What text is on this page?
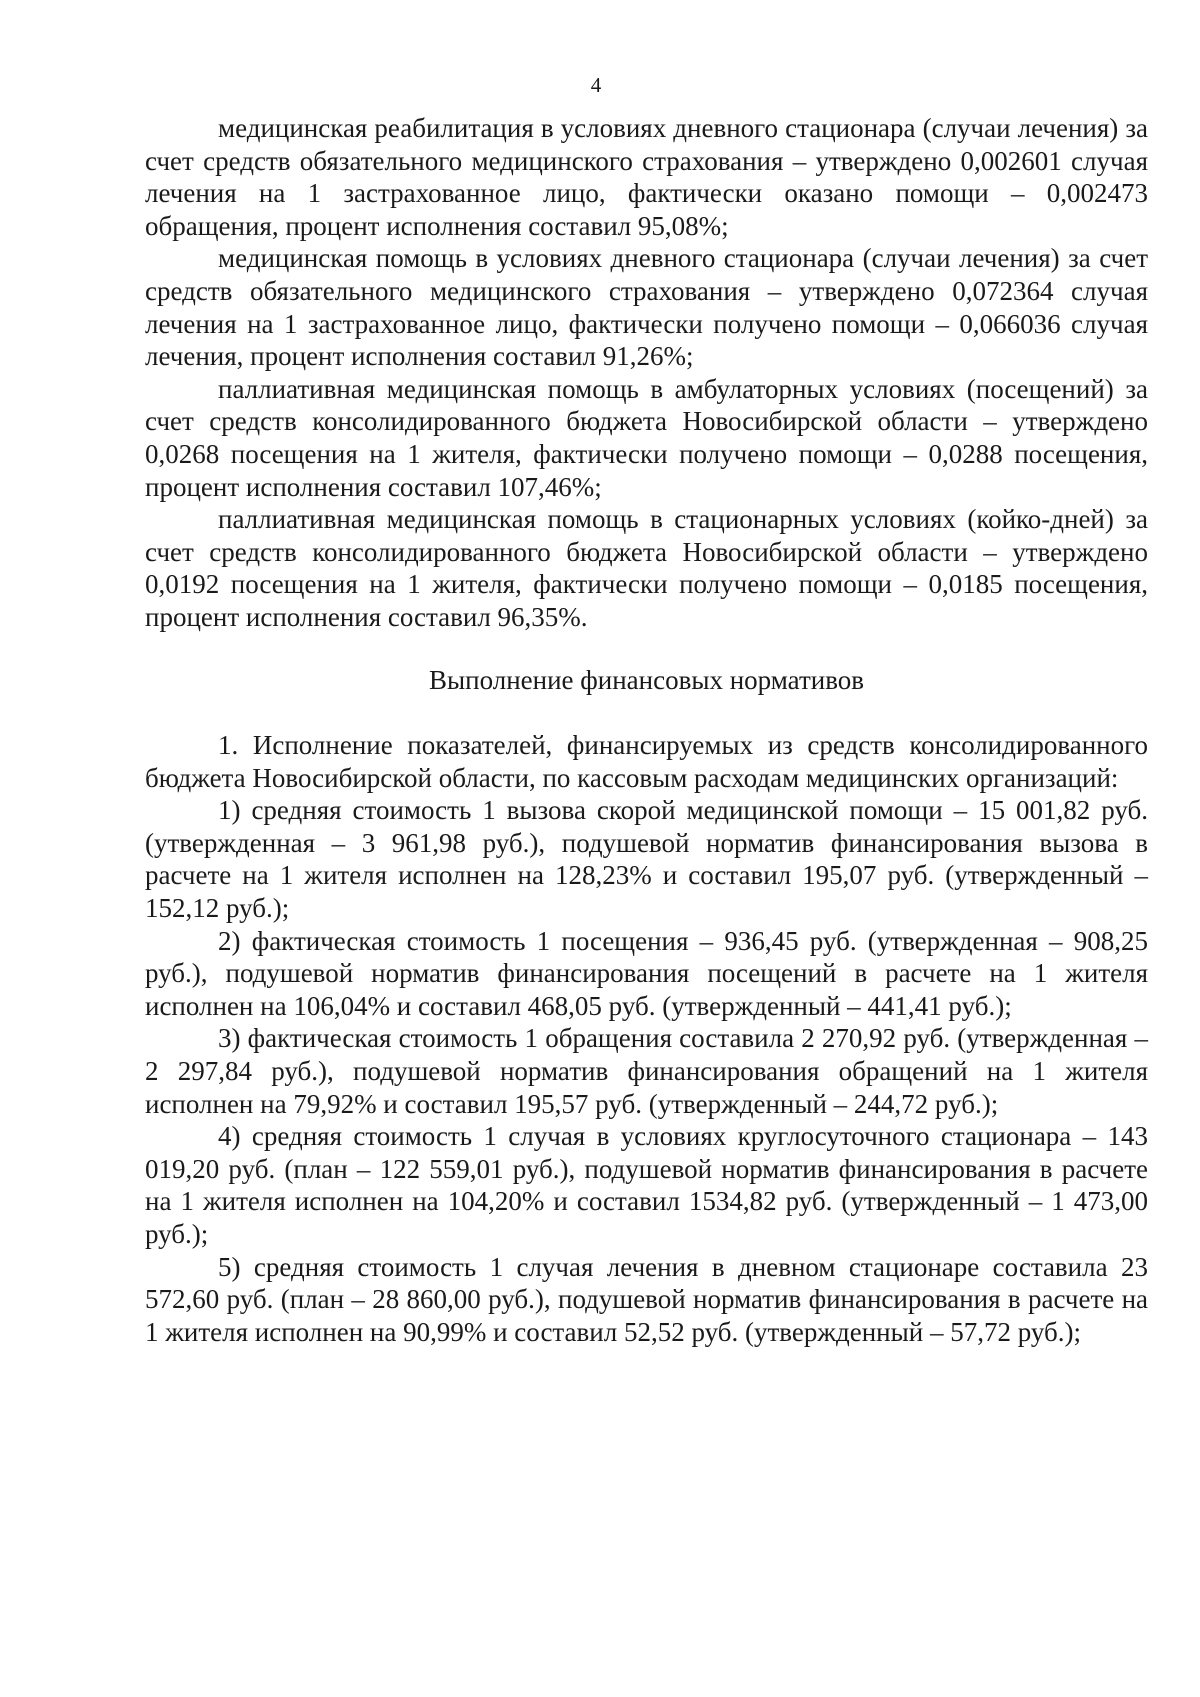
4

медицинская реабилитация в условиях дневного стационара (случаи лечения) за счет средств обязательного медицинского страхования – утверждено 0,002601 случая лечения на 1 застрахованное лицо, фактически оказано помощи – 0,002473 обращения, процент исполнения составил 95,08%;

медицинская помощь в условиях дневного стационара (случаи лечения) за счет средств обязательного медицинского страхования – утверждено 0,072364 случая лечения на 1 застрахованное лицо, фактически получено помощи – 0,066036 случая лечения, процент исполнения составил 91,26%;

паллиативная медицинская помощь в амбулаторных условиях (посещений) за счет средств консолидированного бюджета Новосибирской области – утверждено 0,0268 посещения на 1 жителя, фактически получено помощи – 0,0288 посещения, процент исполнения составил 107,46%;

паллиативная медицинская помощь в стационарных условиях (койко-дней) за счет средств консолидированного бюджета Новосибирской области – утверждено 0,0192 посещения на 1 жителя, фактически получено помощи – 0,0185 посещения, процент исполнения составил 96,35%.

Выполнение финансовых нормативов

1. Исполнение показателей, финансируемых из средств консолидированного бюджета Новосибирской области, по кассовым расходам медицинских организаций:

1) средняя стоимость 1 вызова скорой медицинской помощи – 15 001,82 руб. (утвержденная – 3 961,98 руб.), подушевой норматив финансирования вызова в расчете на 1 жителя исполнен на 128,23% и составил 195,07 руб. (утвержденный – 152,12 руб.);

2) фактическая стоимость 1 посещения – 936,45 руб. (утвержденная – 908,25 руб.), подушевой норматив финансирования посещений в расчете на 1 жителя исполнен на 106,04% и составил 468,05 руб. (утвержденный – 441,41 руб.);

3) фактическая стоимость 1 обращения составила 2 270,92 руб. (утвержденная – 2 297,84 руб.), подушевой норматив финансирования обращений на 1 жителя исполнен на 79,92% и составил 195,57 руб. (утвержденный – 244,72 руб.);

4) средняя стоимость 1 случая в условиях круглосуточного стационара – 143 019,20 руб. (план – 122 559,01 руб.), подушевой норматив финансирования в расчете на 1 жителя исполнен на 104,20% и составил 1534,82 руб. (утвержденный – 1 473,00 руб.);

5) средняя стоимость 1 случая лечения в дневном стационаре составила 23 572,60 руб. (план – 28 860,00 руб.), подушевой норматив финансирования в расчете на 1 жителя исполнен на 90,99% и составил 52,52 руб. (утвержденный – 57,72 руб.);
